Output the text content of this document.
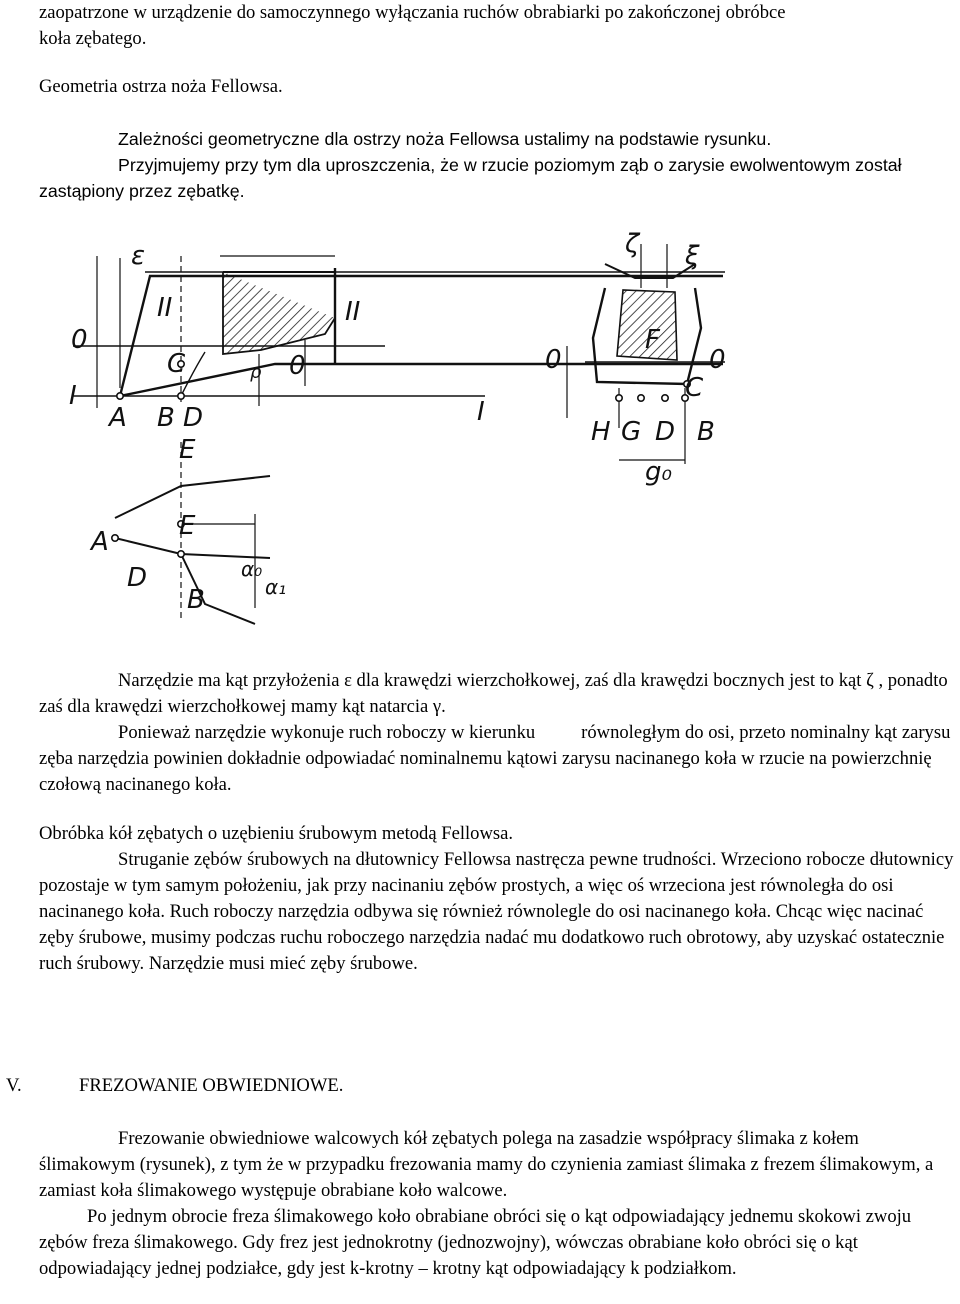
zaopatrzone w urządzenie do samoczynnego wyłączania ruchów obrabiarki po zakończonej obróbce
koła zębatego.

Geometria ostrza noża Fellowsa.

Zależności geometryczne dla ostrzy noża Fellowsa ustalimy na podstawie rysunku.

Przyjmujemy przy tym dla uproszczenia, że w rzucie poziomym ząb o zarysie ewolwentowym został zastąpiony przez zębatkę.

ε
0
I
II	II
C	0
ρ
I
A B D
E
ζ ξ
0	0
F
C
H G D B
g₀
E
A
D
B
α₀
α₁

Narzędzie ma kąt przyłożenia ε dla krawędzi wierzchołkowej, zaś dla krawędzi bocznych jest to kąt ζ , ponadto zaś dla krawędzi wierzchołkowej mamy kąt natarcia γ.

Ponieważ narzędzie wykonuje ruch roboczy w kierunku równoległym do osi, przeto nominalny kąt zarysu zęba narzędzia powinien dokładnie odpowiadać nominalnemu kątowi zarysu nacinanego koła w rzucie na powierzchnię czołową nacinanego koła.

Obróbka kół zębatych o uzębieniu śrubowym metodą Fellowsa.

Struganie zębów śrubowych na dłutownicy Fellowsa nastręcza pewne trudności. Wrzeciono robocze dłutownicy pozostaje w tym samym położeniu, jak przy nacinaniu zębów prostych, a więc oś wrzeciona jest równoległa do osi nacinanego koła. Ruch roboczy narzędzia odbywa się również równolegle do osi nacinanego koła. Chcąc więc nacinać zęby śrubowe, musimy podczas ruchu roboczego narzędzia nadać mu dodatkowo ruch obrotowy, aby uzyskać ostatecznie ruch śrubowy. Narzędzie musi mieć zęby śrubowe.

V.	FREZOWANIE OBWIEDNIOWE.

Frezowanie obwiedniowe walcowych kół zębatych polega na zasadzie współpracy ślimaka z kołem ślimakowym (rysunek), z tym że w przypadku frezowania mamy do czynienia zamiast ślimaka z frezem ślimakowym, a zamiast koła ślimakowego występuje obrabiane koło walcowe.

Po jednym obrocie freza ślimakowego koło obrabiane obróci się o kąt odpowiadający jednemu skokowi zwoju zębów freza ślimakowego. Gdy frez jest jednokrotny (jednozwojny), wówczas obrabiane koło obróci się o kąt odpowiadający jednej podziałce, gdy jest k-krotny – krotny kąt odpowiadający k podziałkom.
